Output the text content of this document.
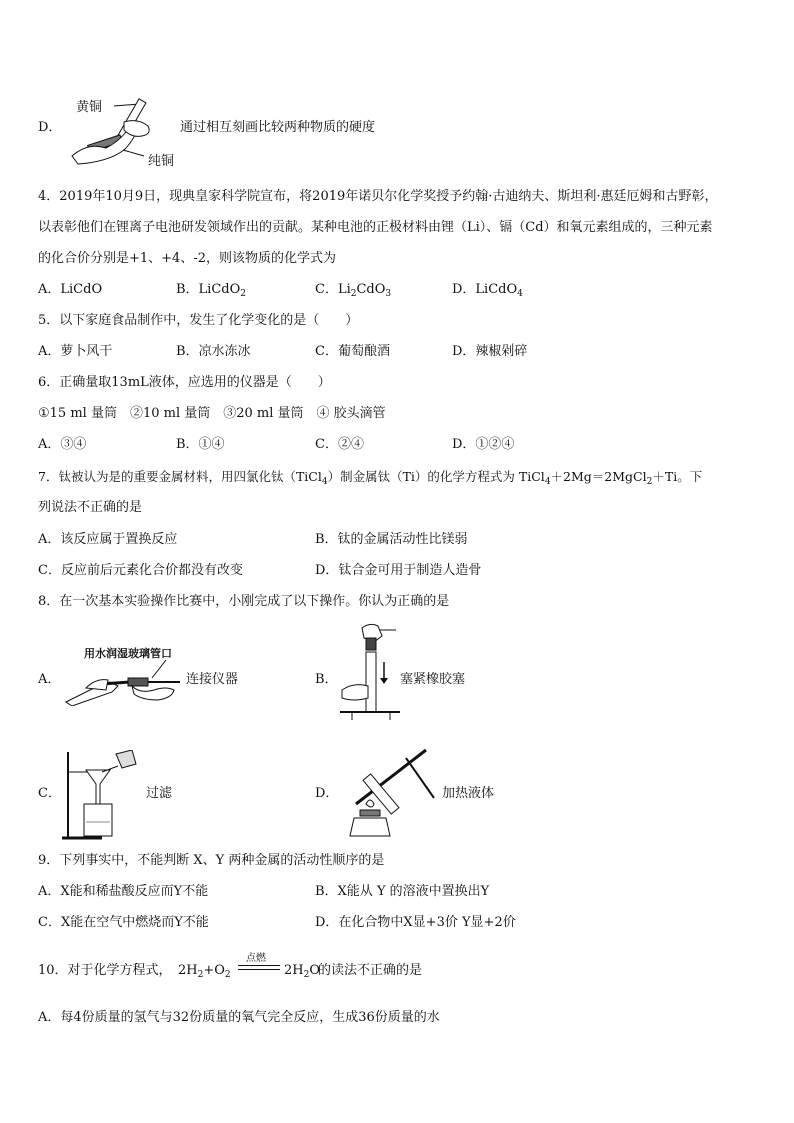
D．
黄铜
纯铜
通过相互刻画比较两种物质的硬度
4．2019年10月9日，现典皇家科学院宣布，将2019年诺贝尔化学奖授予约翰·古迪纳夫、斯坦利·惠廷厄姆和古野彰，
以表彰他们在锂离子电池研发领域作出的贡献。某种电池的正极材料由锂（Li）、镉（Cd）和氧元素组成的，三种元素
的化合价分别是+1、+4、-2，则该物质的化学式为
A．LiCdO	B．LiCdO$_2$	C．$Li_2CdO_3$	D．LiCdO$_4$
5．以下家庭食品制作中，发生了化学变化的是（　　）
A．萝卜风干	B．凉水冻冰	C．葡萄酿酒	D．辣椒剁碎
6．正确量取13mL液体，应选用的仪器是（　　）
①15 ml 量筒　②10 ml 量筒　③20 ml 量筒　④ 胶头滴管
A．③④	B．①④	C．②④	D．①②④
7．钛被认为是的重要金属材料，用四氯化钛（TiCl$_4$）制金属钛（Ti）的化学方程式为 TiCl$_4$＋2Mg＝2MgCl$_2$＋Ti。下
列说法不正确的是
A．该反应属于置换反应	B．钛的金属活动性比镁弱
C．反应前后元素化合价都没有改变	D．钛合金可用于制造人造骨
8．在一次基本实验操作比赛中，小刚完成了以下操作。你认为正确的是
A．
用水润湿玻璃管口
连接仪器	B．	塞紧橡胶塞
C．	过滤	D．	加热液体
9．下列事实中，不能判断 X、Y 两种金属的活动性顺序的是
A．X能和稀盐酸反应而Y不能	B．X能从 Y 的溶液中置换出Y
C．X能在空气中燃烧而Y不能	D．在化合物中X显+3价 Y显+2价
10．对于化学方程式， $2H_2+O_2$
点燃
$2H_2O$
的读法不正确的是
A．每4份质量的氢气与32份质量的氧气完全反应，生成36份质量的水
